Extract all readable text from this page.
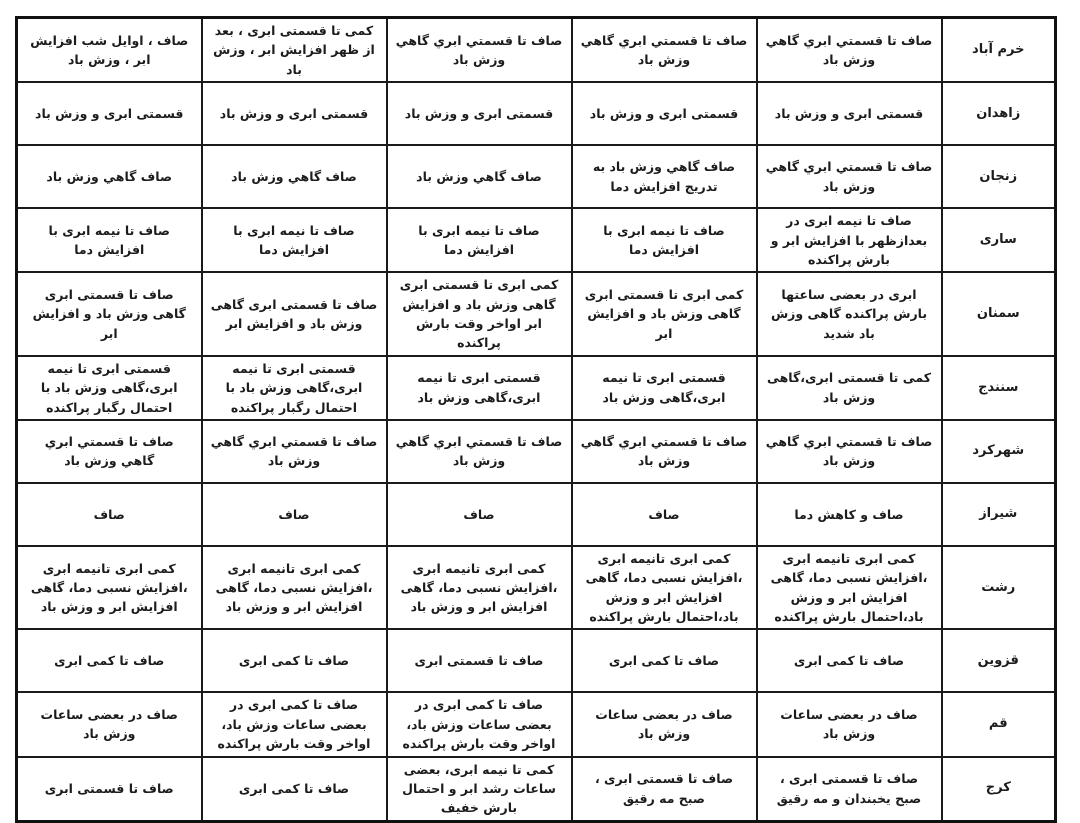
خرم آباد	صاف تا قسمتي ابري گاهي وزش باد	صاف تا قسمتي ابري گاهي وزش باد	صاف تا قسمتي ابري گاهي وزش باد	كمی تا قسمتی ابری ، بعد از ظهر افزايش ابر ، وزش باد	صاف ، اوايل شب افزايش ابر ، وزش باد
زاهدان	قسمتی ابری و وزش باد	قسمتی ابری و وزش باد	قسمتی ابری و وزش باد	قسمتی ابری و وزش باد	قسمتی ابری و وزش باد
زنجان	صاف تا قسمتي ابري گاهي وزش باد	صاف گاهي وزش باد به تدريج افزايش دما	صاف گاهي وزش باد	صاف گاهي وزش باد	صاف گاهي وزش باد
ساری	صاف تا نیمه ابری در بعدازظهر با افزایش ابر و بارش پراکنده	صاف تا نیمه ابری با افزایش دما	صاف تا نیمه ابری با افزایش دما	صاف تا نیمه ابری با افزایش دما	صاف تا نیمه ابری با افزایش دما
سمنان	ابری در بعضی ساعتها بارش پراکنده گاهی وزش باد شدید	کمی ابری تا قسمتی ابری گاهی وزش باد و افزایش ابر	کمی ابری تا قسمتی ابری گاهی وزش باد و افزایش ابر اواخر وقت بارش پراکنده	صاف تا قسمتی ابری گاهی وزش باد و افزایش ابر	صاف تا قسمتی ابری گاهی وزش باد و افزایش ابر
سنندج	کمی تا قسمتی ابری،گاهی وزش باد	قسمتی ابری تا نیمه ابری،گاهی وزش باد	قسمتی ابری تا نیمه ابری،گاهی وزش باد	قسمتی ابری تا نیمه ابری،گاهی وزش باد با احتمال رگبار پراکنده	قسمتی ابری تا نیمه ابری،گاهی وزش باد با احتمال رگبار پراکنده
شهرکرد	صاف تا قسمتي ابري گاهي وزش باد	صاف تا قسمتي ابري گاهي وزش باد	صاف تا قسمتي ابري گاهي وزش باد	صاف تا قسمتي ابري گاهي وزش باد	صاف تا قسمتي ابري گاهي وزش باد
شیراز	صاف و کاهش دما	صاف	صاف	صاف	صاف
رشت	کمی ابری تانیمه ابری ،افزایش نسبی دما، گاهی افزایش ابر و وزش باد،احتمال بارش پراکنده	کمی ابری تانیمه ابری ،افزایش نسبی دما، گاهی افزایش ابر و وزش باد،احتمال بارش پراکنده	کمی ابری تانیمه ابری ،افزایش نسبی دما، گاهی افزایش ابر و وزش باد	کمی ابری تانیمه ابری ،افزایش نسبی دما، گاهی افزایش ابر و وزش باد	کمی ابری تانیمه ابری ،افزایش نسبی دما، گاهی افزایش ابر و وزش باد
قزوین	صاف تا کمی ابری	صاف تا کمی ابری	صاف تا قسمتی ابری	صاف تا کمی ابری	صاف تا کمی ابری
قم	صاف در بعضی ساعات وزش باد	صاف در بعضی ساعات وزش باد	صاف تا کمی ابری در بعضی ساعات وزش باد، اواخر وقت بارش پراکنده	صاف تا کمی ابری در بعضی ساعات وزش باد، اواخر وقت بارش پراکنده	صاف در بعضی ساعات وزش باد
کرج	صاف تا قسمتی ابری ، صبح یخبندان و مه رقیق	صاف تا قسمتی ابری ، صبح مه رقیق	کمی تا نیمه ابری، بعضی ساعات رشد ابر و احتمال بارش خفیف	صاف تا کمی ابری	صاف تا قسمتی ابری
